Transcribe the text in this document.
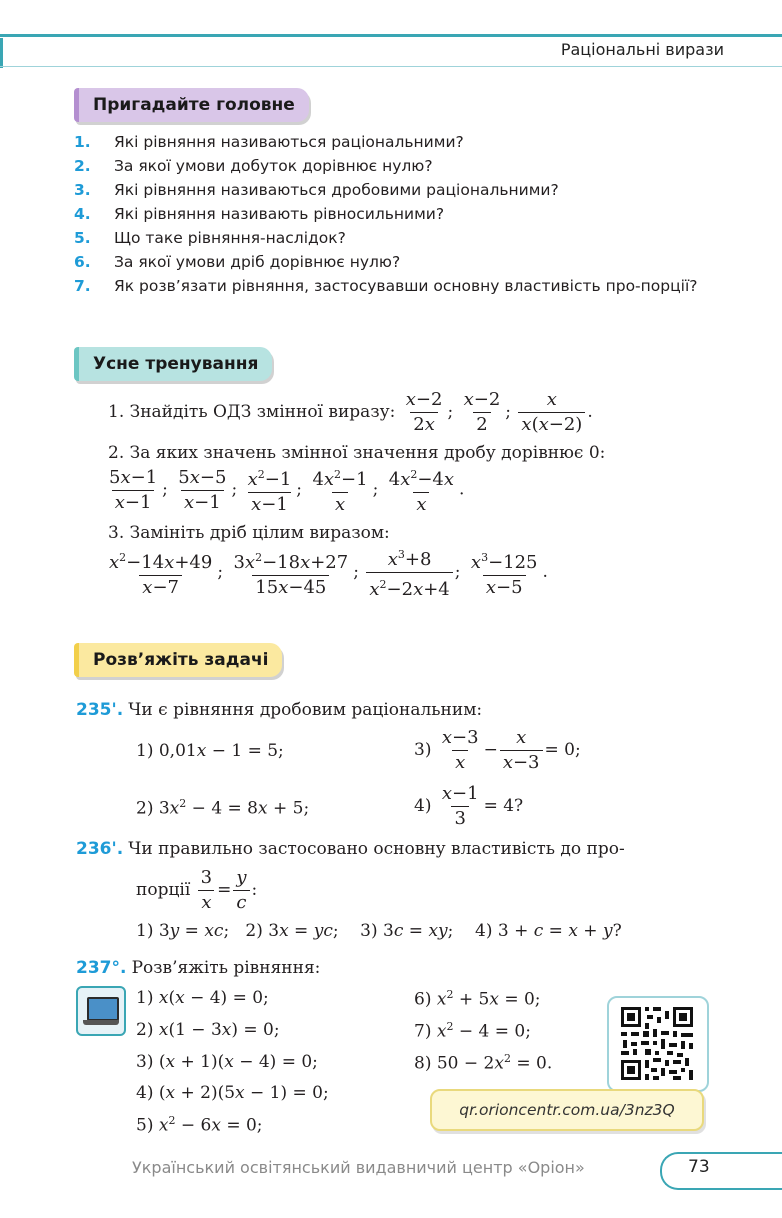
Раціональні вирази
Пригадайте головне
1.	Які рівняння називаються раціональними?
2.	За якої умови добуток дорівнює нулю?
3.	Які рівняння називаються дробовими раціональними?
4.	Які рівняння називають рівносильними?
5.	Що таке рівняння-наслідок?
6.	За якої умови дріб дорівнює нулю?
7.	Як розв’язати рівняння, застосувавши основну властивість про-порції?
Усне тренування
1. Знайдіть ОДЗ змінної виразу: $\frac{x-2}{2x}$ ; $\frac{x-2}{2}$ ; $\frac{x}{x(x-2)}$ .
2. За яких значень змінної значення дробу дорівнює 0:
$\frac{5x-1}{x-1}$ ; $\frac{5x-5}{x-1}$ ; $\frac{x^2-1}{x-1}$ ; $\frac{4x^2-1}{x}$ ; $\frac{4x^2-4x}{x}$ .
3. Замініть дріб цілим виразом:
$\frac{x^2-14x+49}{x-7}$ ; $\frac{3x^2-18x+27}{15x-45}$ ; $\frac{x^3+8}{x^2-2x+4}$ ; $\frac{x^3-125}{x-5}$ .
Розв’яжіть задачі
235'. Чи є рівняння дробовим раціональним:
1) 0,01x − 1 = 5;	$3) \frac{x-3}{x} - \frac{x}{x-3} = 0$;
2) $3x^2 - 4 = 8x + 5$;	$4) \frac{x-1}{3} = 4$?
236'. Чи правильно застосовано основну властивість до про-
порції $\frac{3}{x} = \frac{y}{c}$ :
1) 3y = xc;   2) 3x = yc;    3) 3c = xy;    4) 3 + c = x + y?
237°. Розв’яжіть рівняння:
1) x(x − 4) = 0;
2) x(1 − 3x) = 0;
3) (x + 1)(x − 4) = 0;
4) (x + 2)(5x − 1) = 0;
5) $x^2 - 6x = 0$;
6) $x^2 + 5x = 0$;
7) $x^2 - 4 = 0$;
8) $50 - 2x^2 = 0$.
qr.orioncentr.com.ua/3nz3Q
Український освітянський видавничий центр «Оріон»	73
